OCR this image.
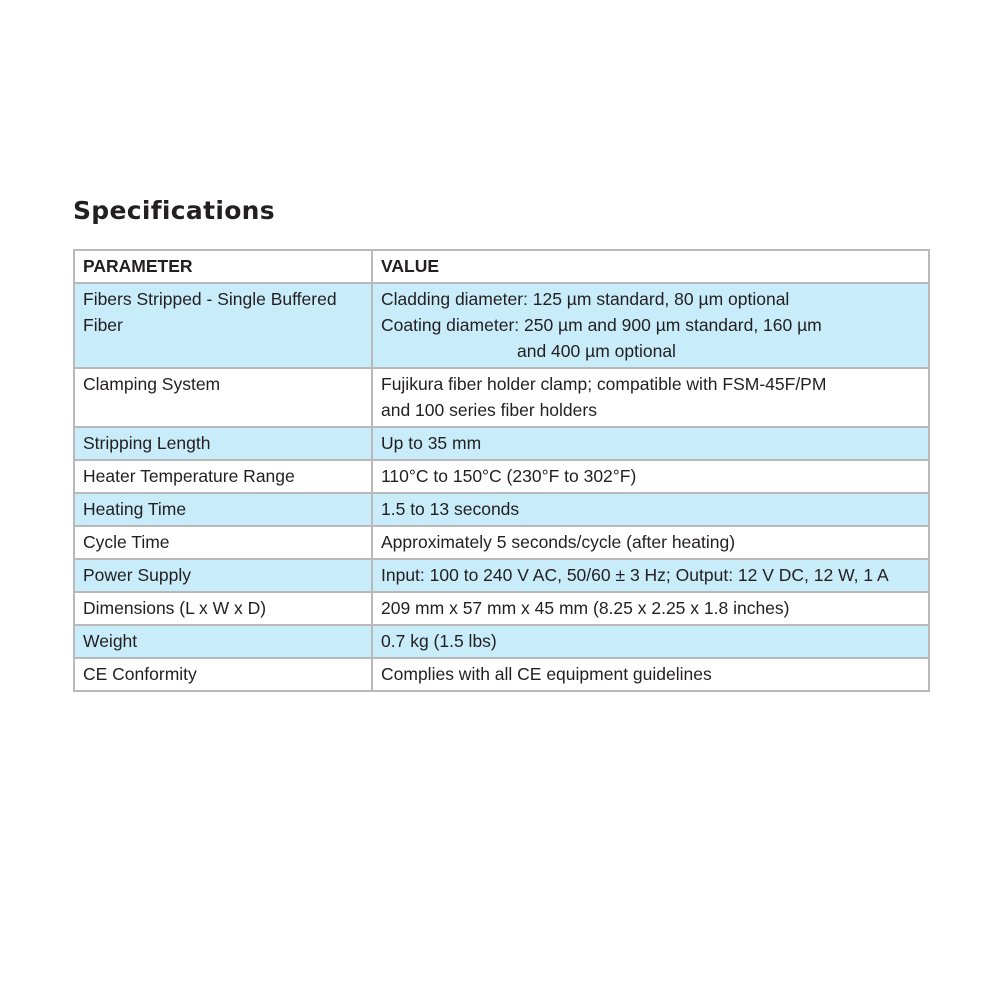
Specifications
PARAMETER	VALUE
Fibers Stripped - Single Buffered Fiber	Cladding diameter: 125 µm standard, 80 µm optional
Coating diameter: 250 µm and 900 µm standard, 160 µm
and 400 µm optional

Clamping System	Fujikura fiber holder clamp; compatible with FSM-45F/PM
and 100 series fiber holders

Stripping Length	Up to 35 mm
Heater Temperature Range	110°C to 150°C (230°F to 302°F)
Heating Time	1.5 to 13 seconds
Cycle Time	Approximately 5 seconds/cycle (after heating)
Power Supply	Input: 100 to 240 V AC, 50/60 ± 3 Hz; Output: 12 V DC, 12 W, 1 A
Dimensions (L x W x D)	209 mm x 57 mm x 45 mm (8.25 x 2.25 x 1.8 inches)
Weight	0.7 kg (1.5 lbs)
CE Conformity	Complies with all CE equipment guidelines
